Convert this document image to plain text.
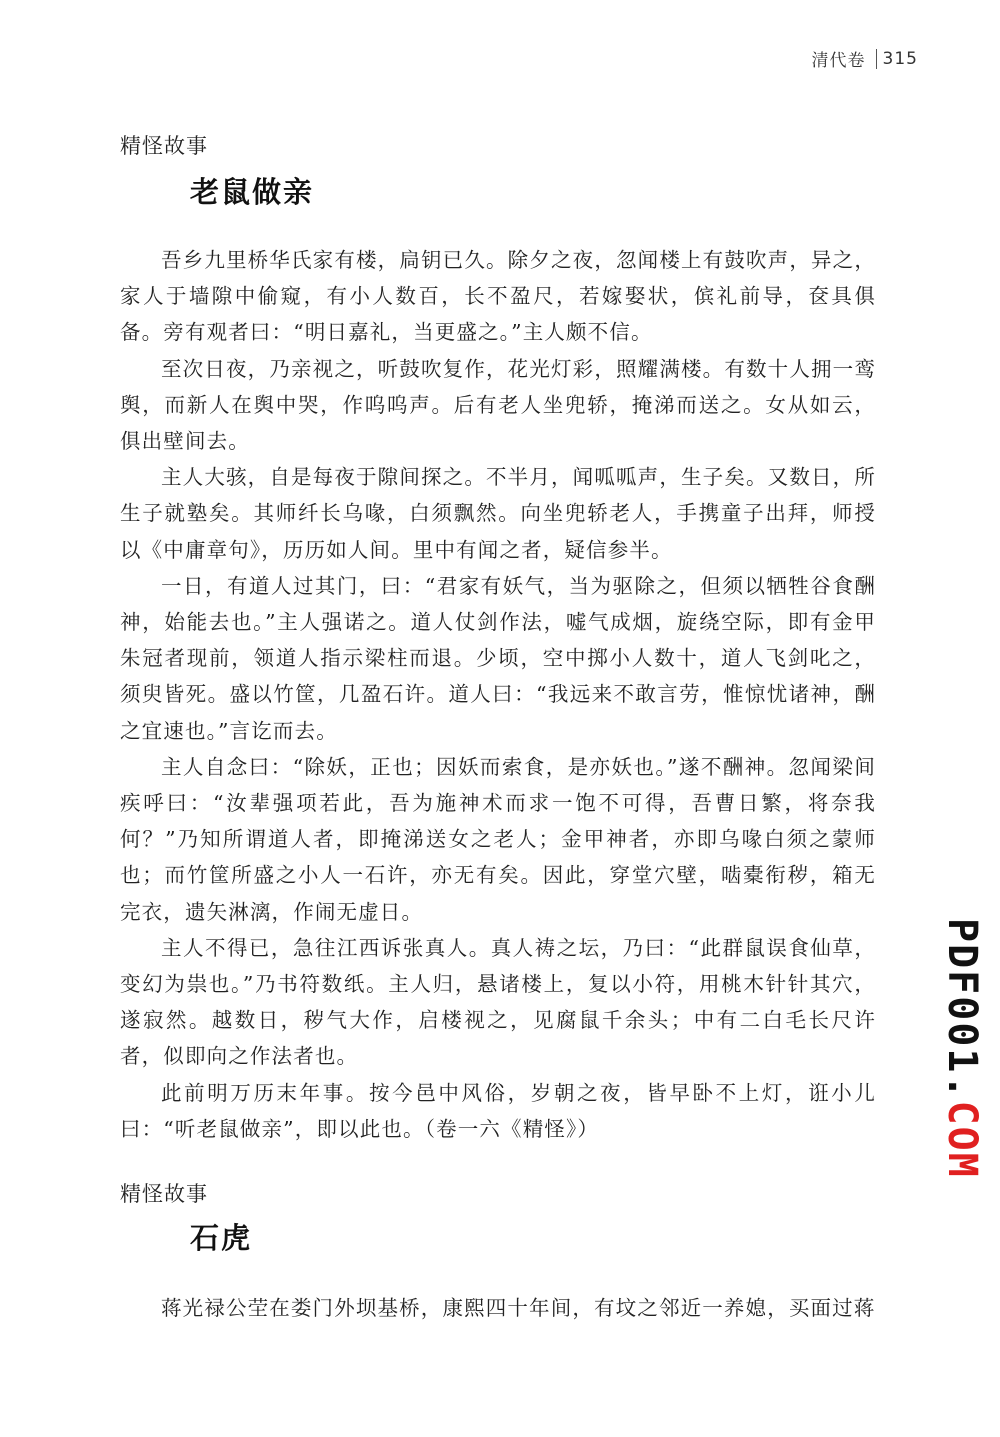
清代卷 315
精怪故事
老鼠做亲

吾乡九里桥华氏家有楼，扃钥已久。除夕之夜，忽闻楼上有鼓吹声，异之，家人于墙隙中偷窥，有小人数百，长不盈尺，若嫁娶状，傧礼前导，奁具俱备。旁有观者曰：“明日嘉礼，当更盛之。”主人颇不信。

至次日夜，乃亲视之，听鼓吹复作，花光灯彩，照耀满楼。有数十人拥一鸾舆，而新人在舆中哭，作呜呜声。后有老人坐兜轿，掩涕而送之。女从如云，俱出壁间去。

主人大骇，自是每夜于隙间探之。不半月，闻呱呱声，生子矣。又数日，所生子就塾矣。其师纤长乌喙，白须飘然。向坐兜轿老人，手携童子出拜，师授以《中庸章句》，历历如人间。里中有闻之者，疑信参半。

一日，有道人过其门，曰：“君家有妖气，当为驱除之，但须以牺牲谷食酬神，始能去也。”主人强诺之。道人仗剑作法，嘘气成烟，旋绕空际，即有金甲朱冠者现前，领道人指示梁柱而退。少顷，空中掷小人数十，道人飞剑叱之，须臾皆死。盛以竹筐，几盈石许。道人曰：“我远来不敢言劳，惟惊忧诸神，酬之宜速也。”言讫而去。

主人自念曰：“除妖，正也；因妖而索食，是亦妖也。”遂不酬神。忽闻梁间疾呼曰：“汝辈强项若此，吾为施神术而求一饱不可得，吾曹日繁，将奈我何？”乃知所谓道人者，即掩涕送女之老人；金甲神者，亦即乌喙白须之蒙师也；而竹筐所盛之小人一石许，亦无有矣。因此，穿堂穴壁，啮橐衔秽，箱无完衣，遗矢淋漓，作闹无虚日。

主人不得已，急往江西诉张真人。真人祷之坛，乃曰：“此群鼠误食仙草，变幻为祟也。”乃书符数纸。主人归，悬诸楼上，复以小符，用桃木针针其穴，遂寂然。越数日，秽气大作，启楼视之，见腐鼠千余头；中有二白毛长尺许者，似即向之作法者也。

此前明万历末年事。按今邑中风俗，岁朝之夜，皆早卧不上灯，诳小儿曰：“听老鼠做亲”，即以此也。（卷一六《精怪》）

精怪故事
石虎

蒋光禄公茔在娄门外坝基桥，康熙四十年间，有坟之邻近一养媳，买面过蒋

PDF001.COM
